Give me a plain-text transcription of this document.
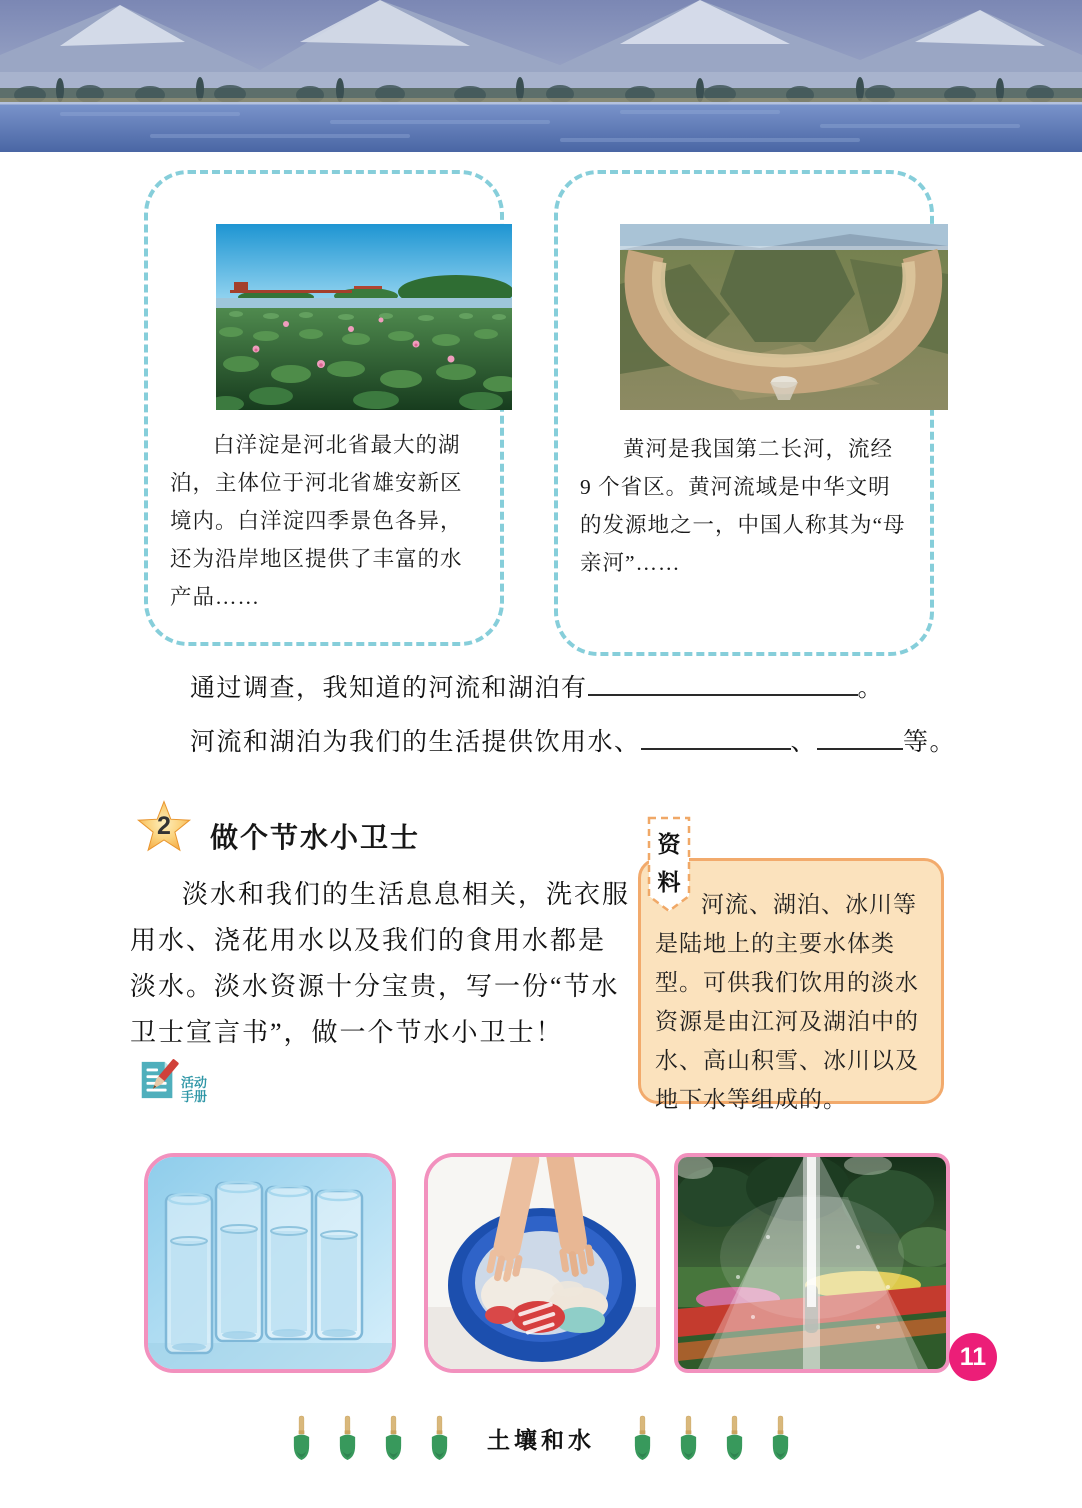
白洋淀是河北省最大的湖泊，主体位于河北省雄安新区境内。白洋淀四季景色各异，还为沿岸地区提供了丰富的水产品……

黄河是我国第二长河，流经 9 个省区。黄河流域是中华文明的发源地之一，中国人称其为“母亲河”……

通过调查，我知道的河流和湖泊有	。
河流和湖泊为我们的生活提供饮用水、	、	等。
2	做个节水小卫士

淡水和我们的生活息息相关，洗衣服用水、浇花用水以及我们的食用水都是淡水。淡水资源十分宝贵，写一份“节水卫士宣言书”，做一个节水小卫士！
活动
手册

资
料

河流、湖泊、冰川等是陆地上的主要水体类型。可供我们饮用的淡水资源是由江河及湖泊中的水、高山积雪、冰川以及地下水等组成的。

11
土壤和水
